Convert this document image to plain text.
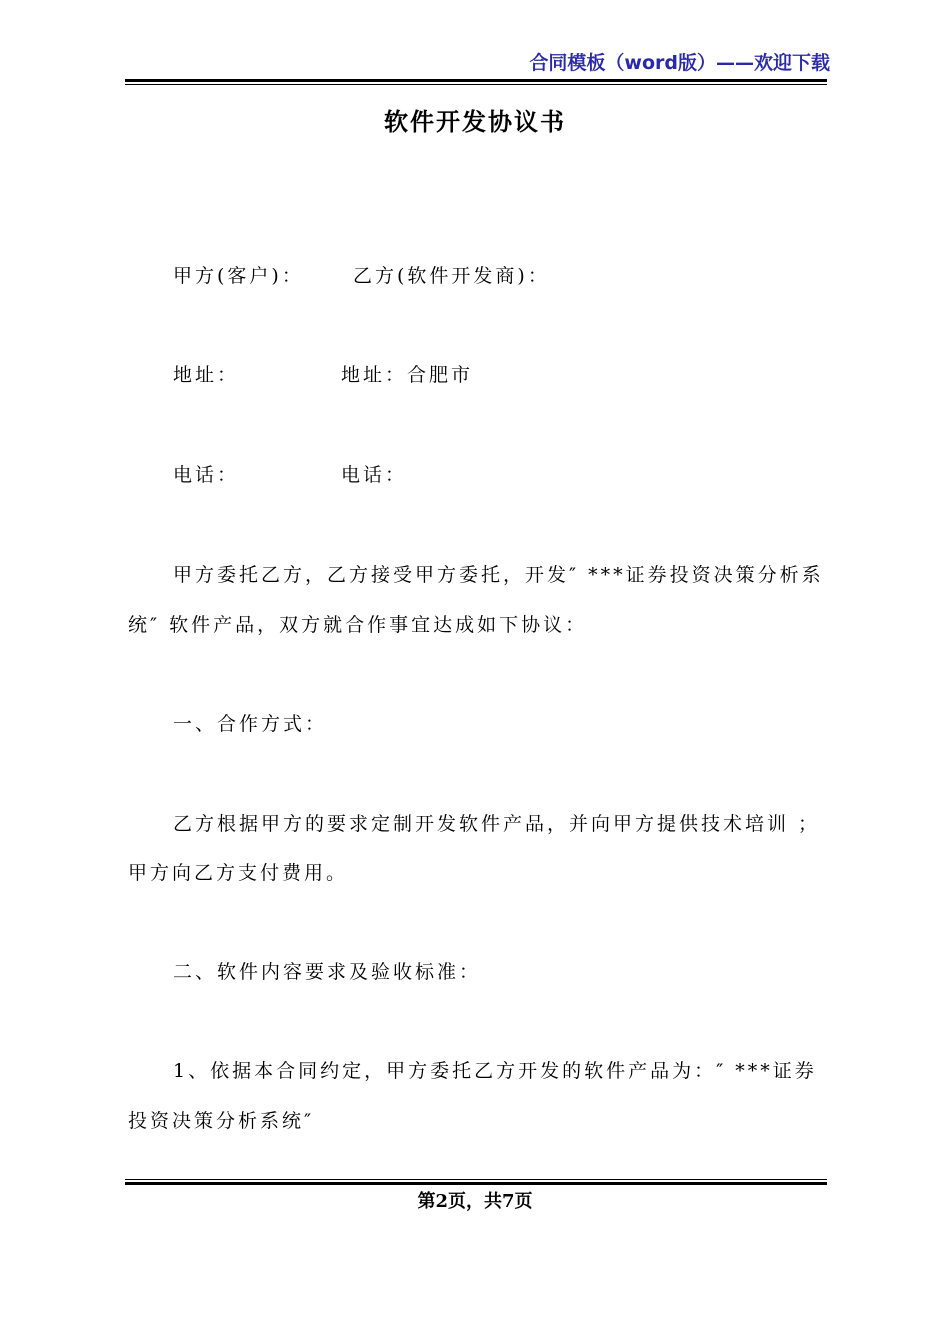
合同模板（word版）——欢迎下载
软件开发协议书
甲方(客户)：	乙方(软件开发商)：
地址：	地址：合肥市
电话：	电话：
甲方委托乙方，乙方接受甲方委托，开发″ ***证券投资决策分析系
统″ 软件产品，双方就合作事宜达成如下协议：
一、合作方式：
乙方根据甲方的要求定制开发软件产品，并向甲方提供技术培训 ；
甲方向乙方支付费用。
二、软件内容要求及验收标准：
1、依据本合同约定，甲方委托乙方开发的软件产品为：″ ***证券
投资决策分析系统″
第2页，共7页
